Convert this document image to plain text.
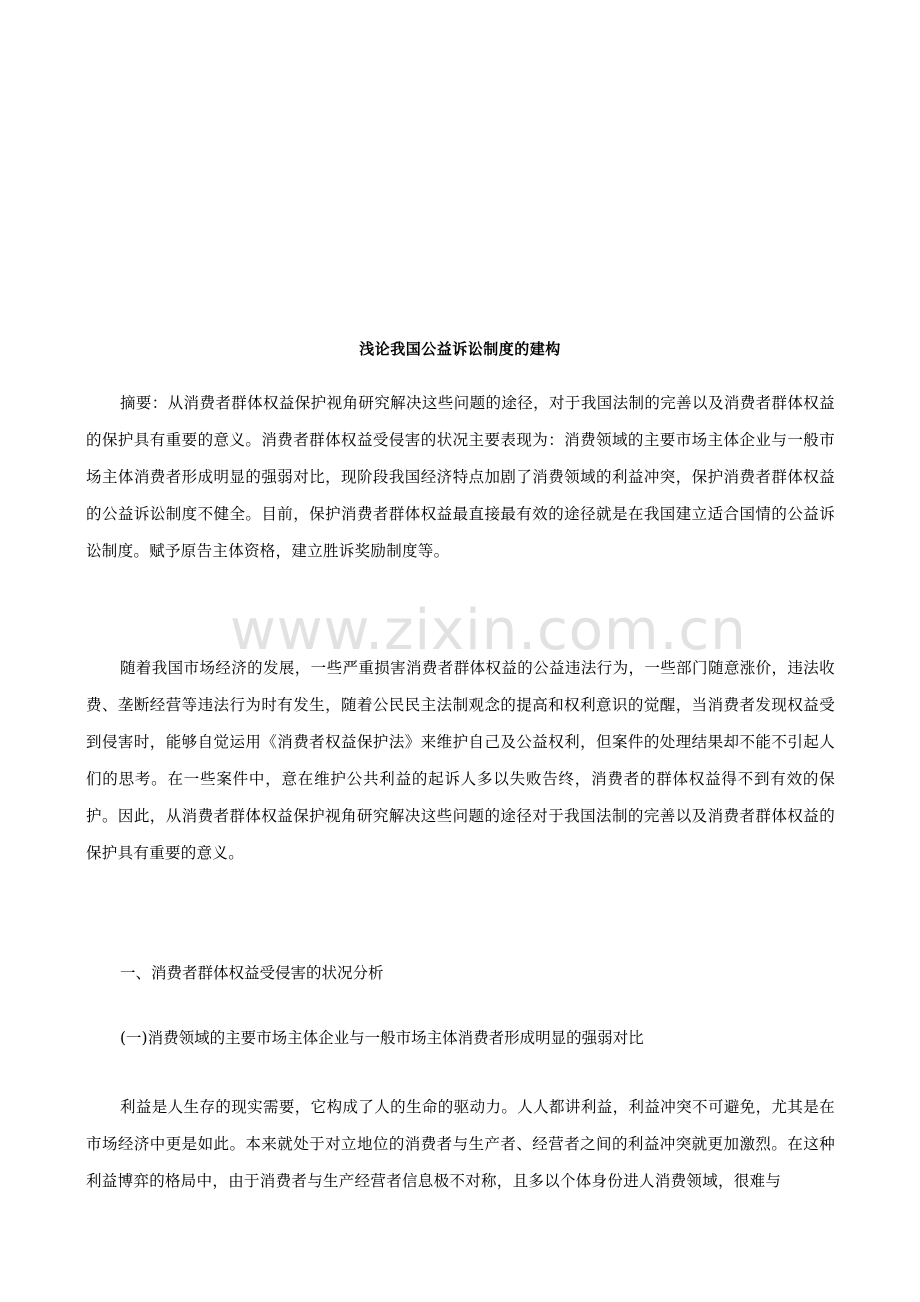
www.zixin.com.cn
浅论我国公益诉讼制度的建构

摘要：从消费者群体权益保护视角研究解决这些问题的途径，对于我国法制的完善以及消费者群体权益的保护具有重要的意义。消费者群体权益受侵害的状况主要表现为：消费领域的主要市场主体企业与一般市场主体消费者形成明显的强弱对比，现阶段我国经济特点加剧了消费领域的利益冲突，保护消费者群体权益的公益诉讼制度不健全。目前，保护消费者群体权益最直接最有效的途径就是在我国建立适合国情的公益诉讼制度。赋予原告主体资格，建立胜诉奖励制度等。

随着我国市场经济的发展，一些严重损害消费者群体权益的公益违法行为，一些部门随意涨价，违法收费、垄断经营等违法行为时有发生，随着公民民主法制观念的提高和权利意识的觉醒，当消费者发现权益受到侵害时，能够自觉运用《消费者权益保护法》来维护自己及公益权利，但案件的处理结果却不能不引起人们的思考。在一些案件中，意在维护公共利益的起诉人多以失败告终，消费者的群体权益得不到有效的保护。因此，从消费者群体权益保护视角研究解决这些问题的途径对于我国法制的完善以及消费者群体权益的保护具有重要的意义。

一、消费者群体权益受侵害的状况分析
(一)消费领域的主要市场主体企业与一般市场主体消费者形成明显的强弱对比

利益是人生存的现实需要，它构成了人的生命的驱动力。人人都讲利益，利益冲突不可避免，尤其是在市场经济中更是如此。本来就处于对立地位的消费者与生产者、经营者之间的利益冲突就更加激烈。在这种利益博弈的格局中，由于消费者与生产经营者信息极不对称，且多以个体身份进人消费领域，很难与
